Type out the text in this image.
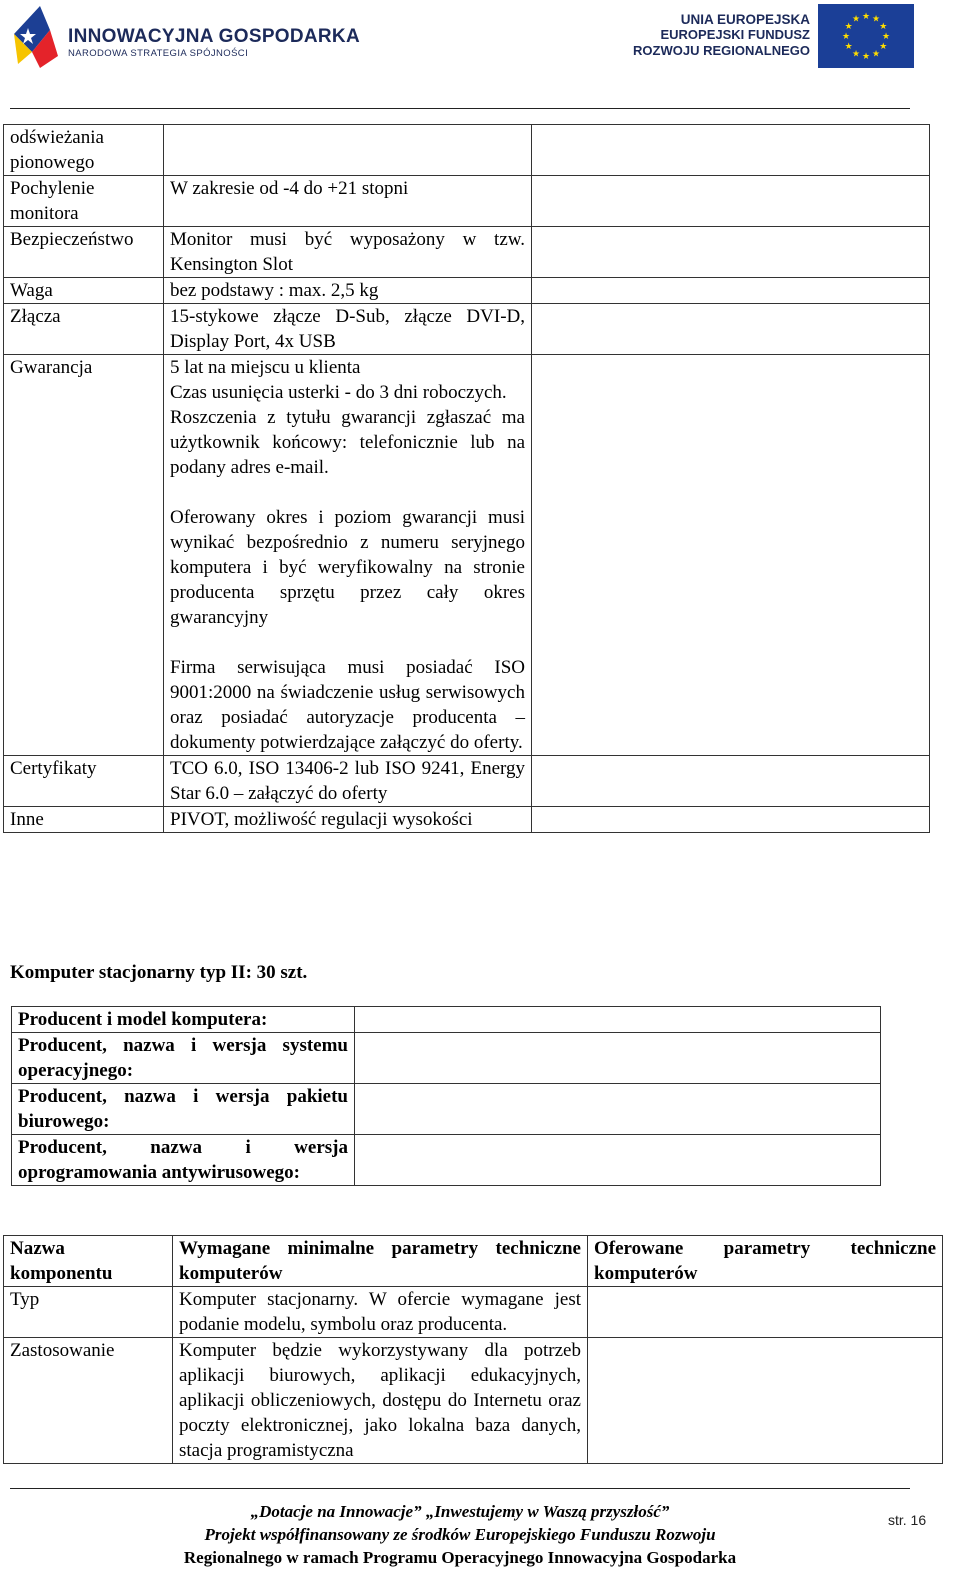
INNOWACYJNA GOSPODARKA
NARODOWA STRATEGIA SPÓJNOŚCI
UNIA EUROPEJSKA
EUROPEJSKI FUNDUSZ
ROZWOJU REGIONALNEGO
★
★
★
★
★
★
★
★
★ ★ ★
★
odświeżania pionowego		
Pochylenie monitora	W zakresie od -4 do +21 stopni	

Bezpieczeństwo	Monitor musi być wyposażony w tzw. Kensington Slot	

Waga	bez podstawy : max. 2,5 kg	

Złącza	15-stykowe złącze D-Sub, złącze DVI-D, Display Port, 4x USB	

Gwarancja	5 lat na miejscu u klienta
Czas usunięcia usterki - do 3 dni roboczych.
Roszczenia z tytułu gwarancji zgłaszać ma użytkownik końcowy: telefonicznie lub na podany adres e-mail.

Oferowany okres i poziom gwarancji musi wynikać bezpośrednio z numeru seryjnego komputera i być weryfikowalny na stronie producenta sprzętu przez cały okres gwarancyjny

Firma serwisująca musi posiadać ISO 9001:2000 na świadczenie usług serwisowych oraz posiadać autoryzacje producenta – dokumenty potwierdzające załączyć do oferty.	

Certyfikaty	TCO 6.0, ISO 13406-2 lub ISO 9241, Energy Star 6.0 – załączyć do oferty	

Inne	PIVOT, możliwość regulacji wysokości	

Komputer stacjonarny typ II: 30 szt.
Producent i model komputera:	
Producent, nazwa i wersja systemu operacyjnego:	
Producent, nazwa i wersja pakietu biurowego:	
Producent, nazwa i wersja oprogramowania antywirusowego:	
Nazwa komponentu	Wymagane minimalne parametry techniczne komputerów	Oferowane parametry techniczne komputerów
Typ	Komputer stacjonarny. W ofercie wymagane jest podanie modelu, symbolu oraz producenta.	
Zastosowanie	Komputer będzie wykorzystywany dla potrzeb aplikacji biurowych, aplikacji edukacyjnych, aplikacji obliczeniowych, dostępu do Internetu oraz poczty elektronicznej, jako lokalna baza danych, stacja programistyczna	
„Dotacje na Innowacje” „Inwestujemy w Waszą przyszłość”
Projekt współfinansowany ze środków Europejskiego Funduszu Rozwoju
Regionalnego w ramach Programu Operacyjnego Innowacyjna Gospodarka
str. 16
